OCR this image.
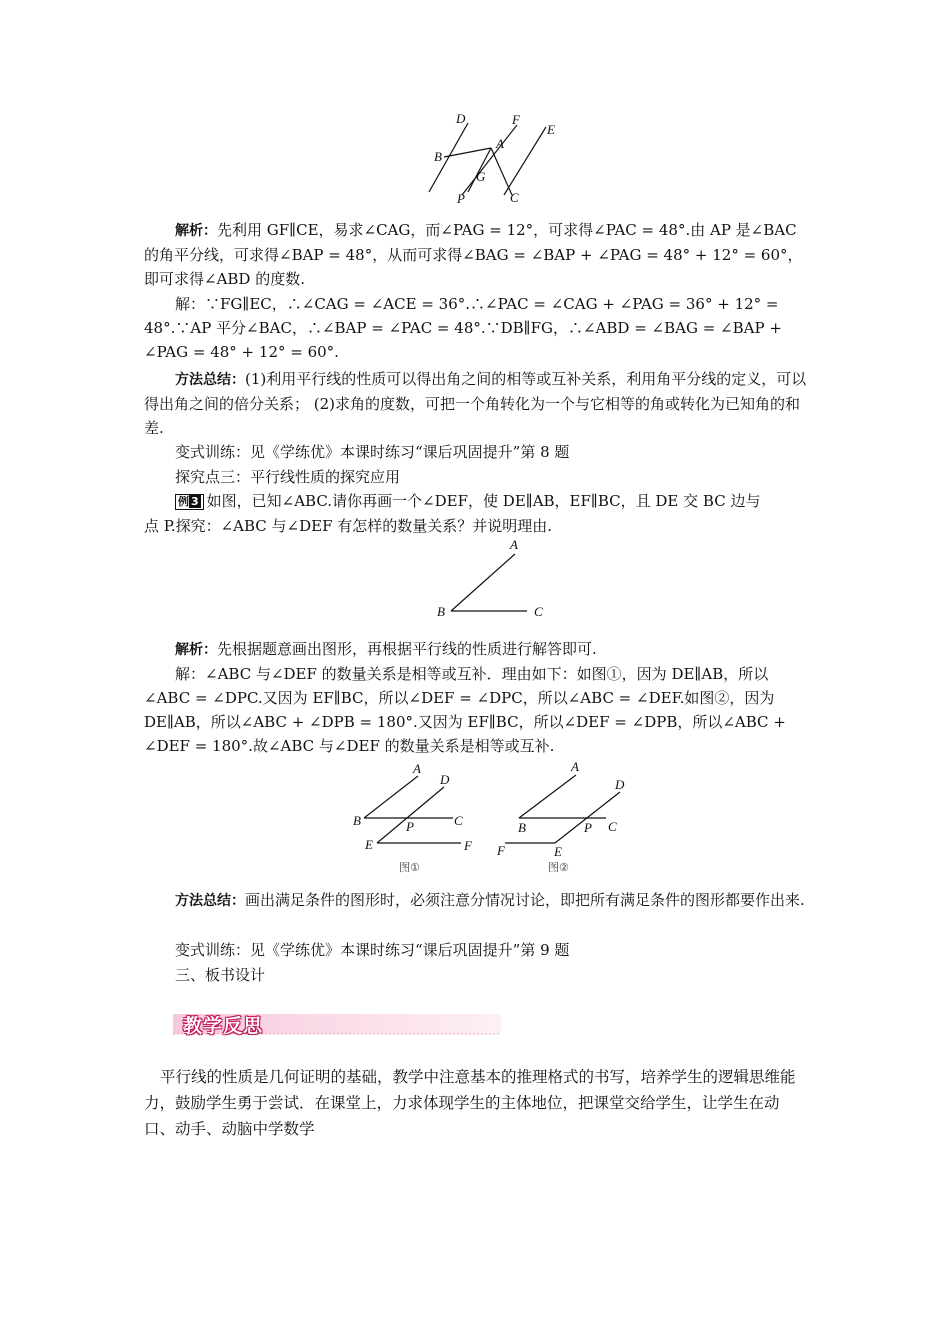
D	F
E
B
A
G
P	C

解析：先利用 GF∥CE，易求∠CAG，而∠PAG = 12°，可求得∠PAC = 48°.由 AP 是∠BAC 的角平分线，可求得∠BAP = 48°，从而可求得∠BAG = ∠BAP + ∠PAG = 48° + 12° = 60°，即可求得∠ABD 的度数.

解：∵FG∥EC，∴∠CAG = ∠ACE = 36°.∴∠PAC = ∠CAG + ∠PAG = 36° + 12° = 48°.∵AP 平分∠BAC，∴∠BAP = ∠PAC = 48°.∵DB∥FG，∴∠ABD = ∠BAG = ∠BAP + ∠PAG = 48° + 12° = 60°.

方法总结：(1)利用平行线的性质可以得出角之间的相等或互补关系，利用角平分线的定义，可以得出角之间的倍分关系； (2)求角的度数，可把一个角转化为一个与它相等的角或转化为已知角的和差.

变式训练：见《学练优》本课时练习“课后巩固提升”第 8 题
探究点三：平行线性质的探究应用
例 3 如图，已知∠ABC.请你再画一个∠DEF，使 DE∥AB，EF∥BC，且 DE 交 BC 边与
点 P.探究：∠ABC 与∠DEF 有怎样的数量关系？并说明理由.
A
B	C

解析：先根据题意画出图形，再根据平行线的性质进行解答即可.

解：∠ABC 与∠DEF 的数量关系是相等或互补．理由如下：如图①，因为 DE∥AB，所以∠ABC = ∠DPC.又因为 EF∥BC，所以∠DEF = ∠DPC，所以∠ABC = ∠DEF.如图②，因为 DE∥AB，所以∠ABC + ∠DPB = 180°.又因为 EF∥BC，所以∠DEF = ∠DPB，所以∠ABC + ∠DEF = 180°.故∠ABC 与∠DEF 的数量关系是相等或互补.

A
D
B	P	C
E	F
图①
A
D
B	P C
F	E
图②

方法总结：画出满足条件的图形时，必须注意分情况讨论，即把所有满足条件的图形都要作出来.

变式训练：见《学练优》本课时练习“课后巩固提升”第 9 题
三、板书设计
教学反思

平行线的性质是几何证明的基础，教学中注意基本的推理格式的书写，培养学生的逻辑思维能力，鼓励学生勇于尝试．在课堂上，力求体现学生的主体地位，把课堂交给学生，让学生在动口、动手、动脑中学数学
